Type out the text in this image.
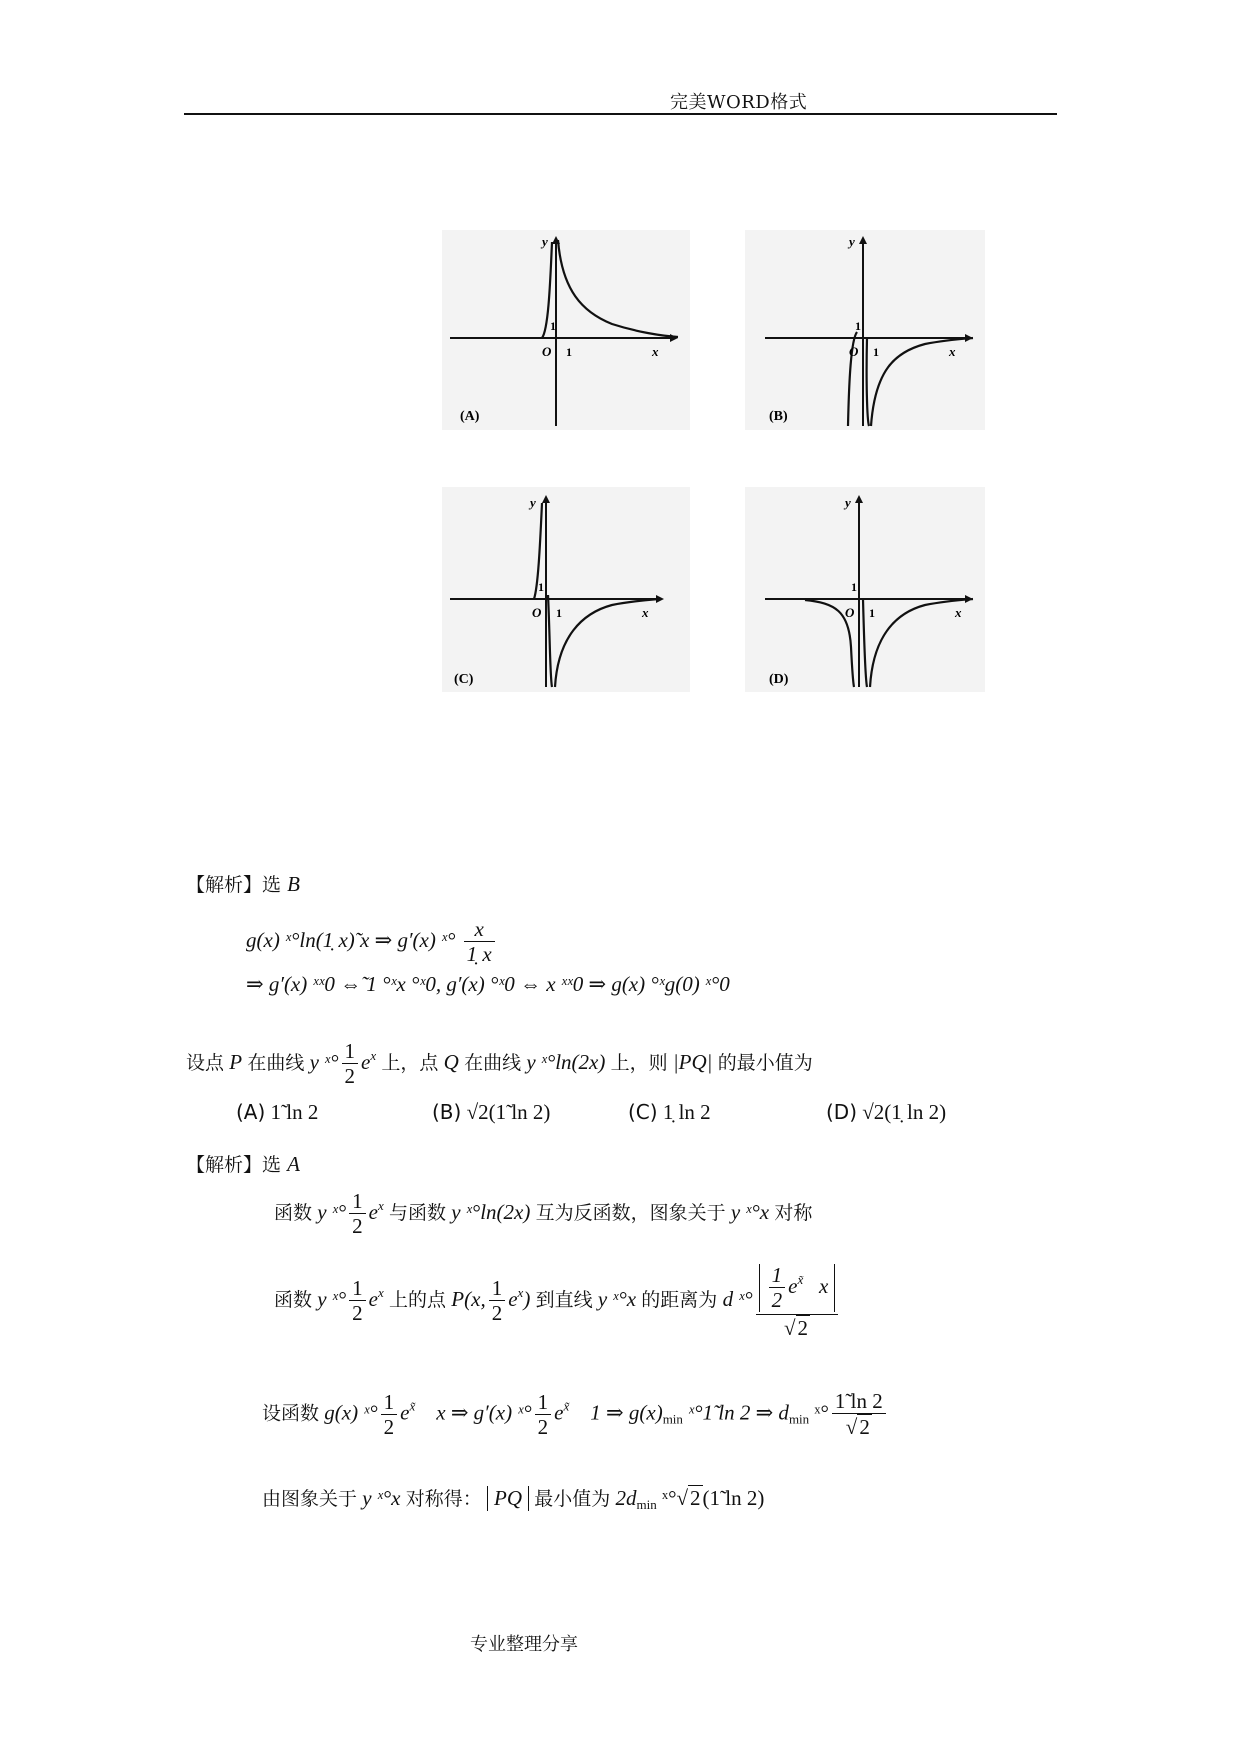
完美WORD格式
O 1
1
x
y
(A)
O 1
1
x
y
(B)
O 1
1
x
y
(C)
O 1
1
x
y
(D)
【解析】选 B
g(x) ˣ°ln(1̣ x)̃ x ⇒ g′(x) ˣ° $\frac{x}{1̣ x}$
⇒ g′(x) ˣˣ0 ⇔̃ 1 °ˣx °ˣ0, g′(x) °ˣ0 ⇔ x ˣˣ0 ⇒ g(x) °ˣg(0) ˣ°0
设点 P 在曲线 y ˣ° $\frac{1}{2} e^x$ 上，点 Q 在曲线 y ˣ°ln(2x) 上，则 |PQ| 的最小值为
(A) 1̃ ln 2	(B) √2(1̃ ln 2)	(C) 1̣ ln 2	(D) √2(1̣ ln 2)
【解析】选 A
函数 y ˣ° $\frac{1}{2} e^x$ 与函数 y ˣ°ln(2x) 互为反函数，图象关于 y ˣ°x 对称
函数 y ˣ° $\frac{1}{2} e^x$ 上的点 P(x, $\frac{1}{2} e^x$) 到直线 y ˣ°x 的距离为 d ˣ° $\frac{\frac{1}{2} e^{x̃} x}{√2}$
设函数 g(x) ˣ° $\frac{1}{2} e^{x̃}$ x ⇒ g′(x) ˣ° $\frac{1}{2} e^{x̃}$ 1 ⇒ $g(x)_{min}$ ˣ°1̃ ln 2 ⇒ $d_{min}$ ˣ° $\frac{1̃ \ln 2}{√2}$
由图象关于 y ˣ°x 对称得： PQ 最小值为 $2d_{min}$ ˣ°√2(1̃ ln 2)
专业整理分享
